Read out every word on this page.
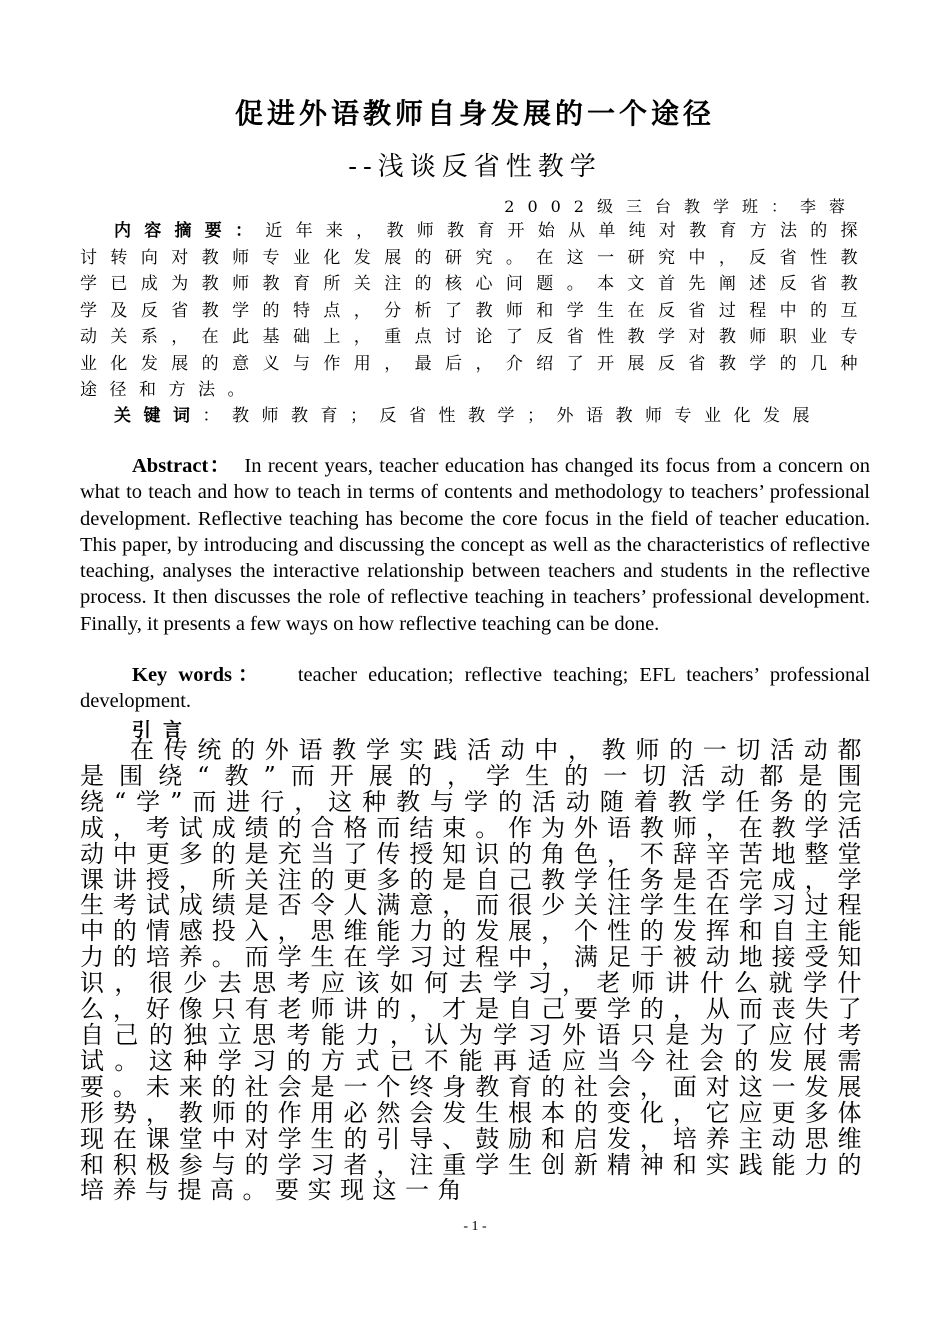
促进外语教师自身发展的一个途径
--浅谈反省性教学
2002级三台教学班：李蓉
内容摘要：近年来，教师教育开始从单纯对教育方法的探讨转向对教师专业化发展的研究。在这一研究中，反省性教学已成为教师教育所关注的核心问题。本文首先阐述反省教学及反省教学的特点，分析了教师和学生在反省过程中的互动关系，在此基础上，重点讨论了反省性教学对教师职业专业化发展的意义与作用，最后，介绍了开展反省教学的几种途径和方法。
关键词：教师教育；反省性教学；外语教师专业化发展
Abstract： In recent years, teacher education has changed its focus from a concern on what to teach and how to teach in terms of contents and methodology to teachers’ professional development. Reflective teaching has become the core focus in the field of teacher education. This paper, by introducing and discussing the concept as well as the characteristics of reflective teaching, analyses the interactive relationship between teachers and students in the reflective process. It then discusses the role of reflective teaching in teachers’ professional development. Finally, it presents a few ways on how reflective teaching can be done.
Key words： teacher education; reflective teaching; EFL teachers’ professional development.
引言
在传统的外语教学实践活动中，教师的一切活动都是围绕“教”而开展的，学生的一切活动都是围绕“学”而进行，这种教与学的活动随着教学任务的完成，考试成绩的合格而结束。作为外语教师，在教学活动中更多的是充当了传授知识的角色，不辞辛苦地整堂课讲授，所关注的更多的是自己教学任务是否完成，学生考试成绩是否令人满意，而很少关注学生在学习过程中的情感投入，思维能力的发展，个性的发挥和自主能力的培养。而学生在学习过程中，满足于被动地接受知识，很少去思考应该如何去学习，老师讲什么就学什么，好像只有老师讲的，才是自己要学的，从而丧失了自己的独立思考能力，认为学习外语只是为了应付考试。这种学习的方式已不能再适应当今社会的发展需要。未来的社会是一个终身教育的社会，面对这一发展形势，教师的作用必然会发生根本的变化，它应更多体现在课堂中对学生的引导、鼓励和启发，培养主动思维和积极参与的学习者，注重学生创新精神和实践能力的培养与提高。要实现这一角
- 1 -
